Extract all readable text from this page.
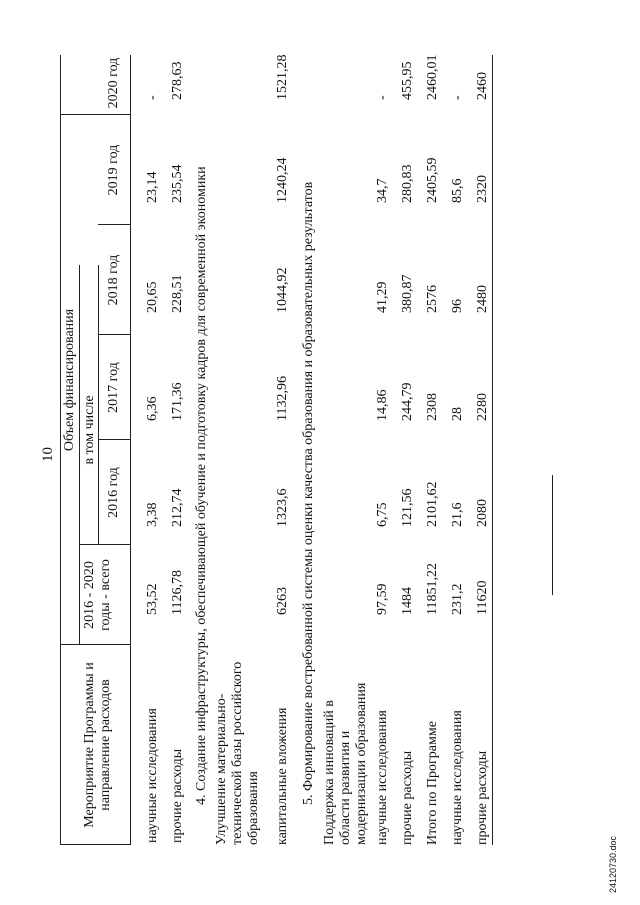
10
Мероприятие Программы и направление расходов
Объем финансирования
2016 - 2020 годы - всего
в том числе
2016 год
2017 год
2018 год
2019 год
2020 год
научные исследования прочие расходы 4. Создание инфраструктуры, обеспечивающей обучение и подготовку кадров для современной экономики Улучшение материально-технической базы российского образования капитальные вложения 5. Формирование востребованной системы оценки качества образования и образовательных результатов Поддержка инноваций в области развития и модернизации образования научные исследования прочие расходы Итого по Программе научные исследования прочие расходы
53,52
3,38
6,36
20,65
23,14
-
1126,78
212,74
171,36
228,51
235,54
278,63
6263
1323,6
1132,96
1044,92
1240,24
1521,28
97,59
6,75
14,86
41,29
34,7
-
1484
121,56
244,79
380,87
280,83
455,95
11851,22
2101,62
2308
2576
2405,59
2460,01
231,2
21,6
28
96
85,6
-
11620
2080
2280
2480
2320
2460
24120730.doc
